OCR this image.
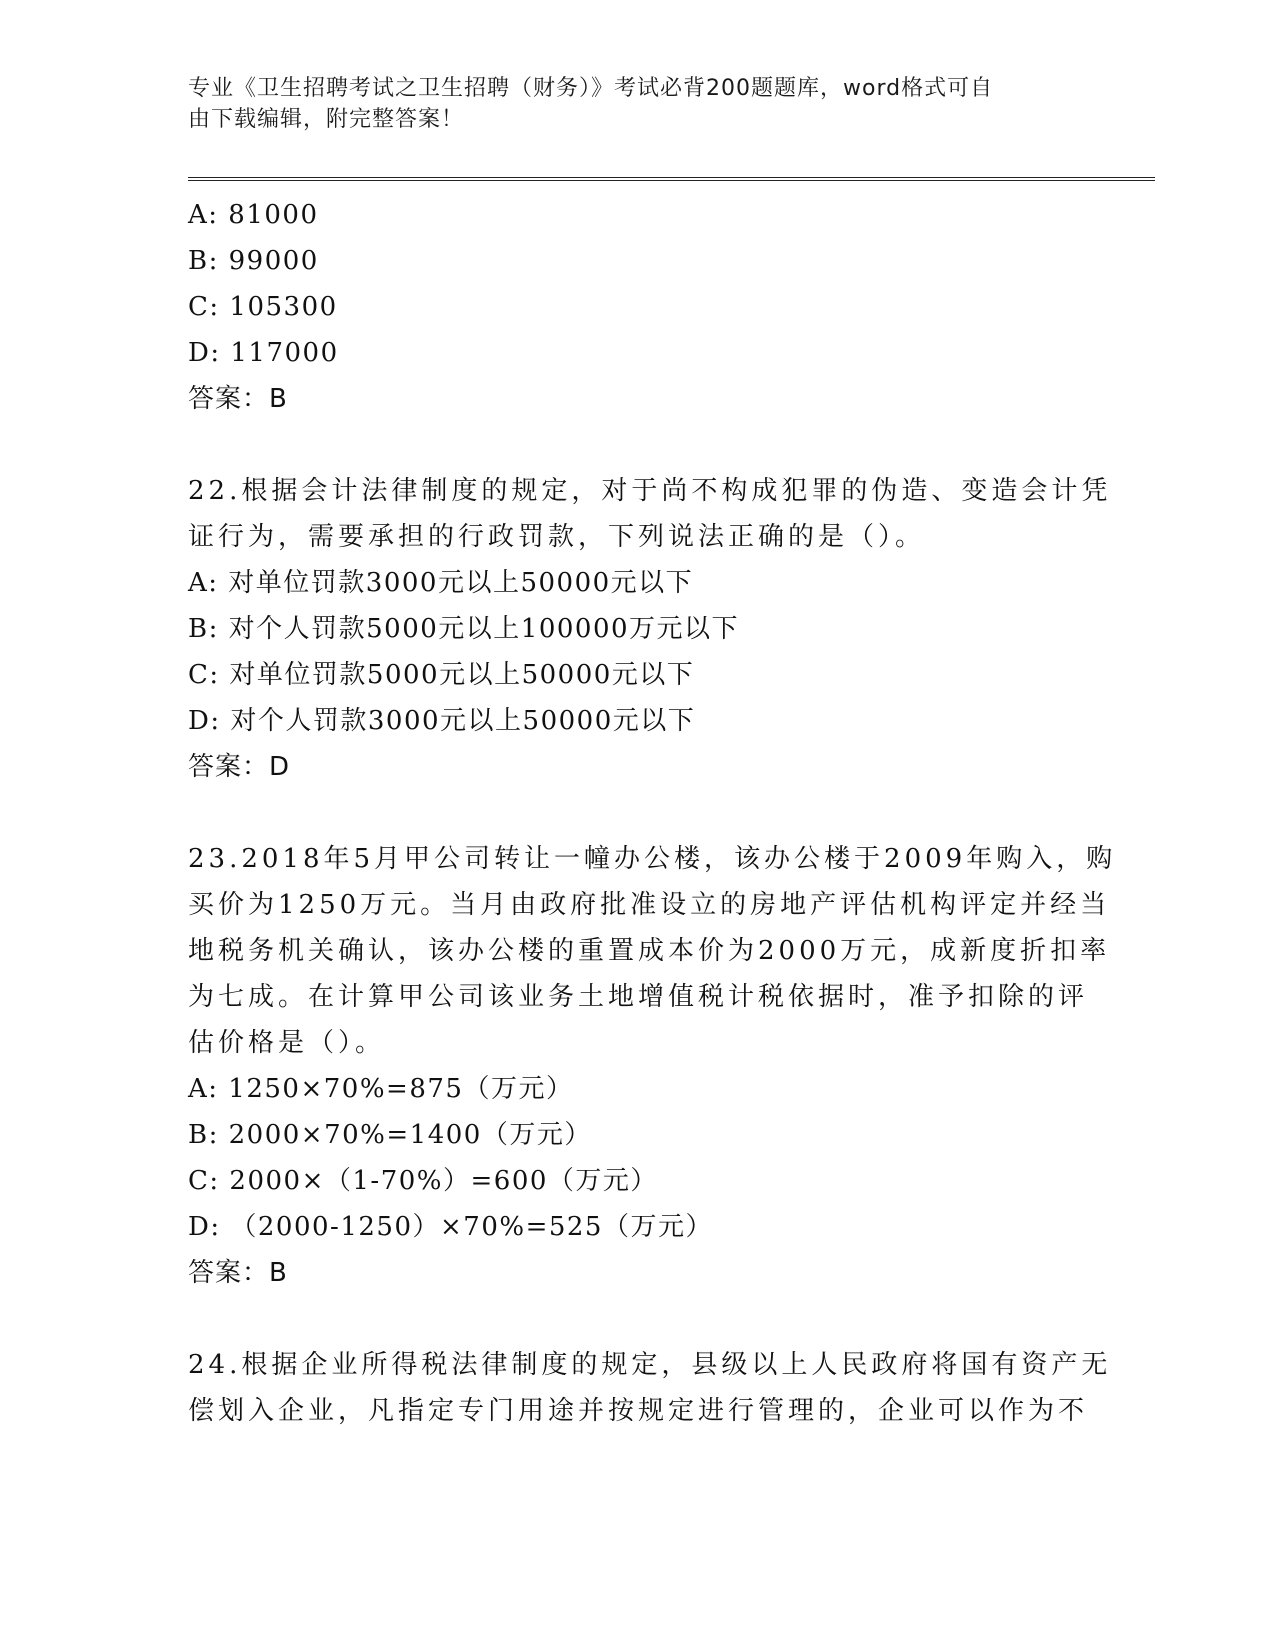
专业《卫生招聘考试之卫生招聘（财务）》考试必背200题题库，word格式可自
由下载编辑，附完整答案！
A: 81000
B: 99000
C: 105300
D: 117000
答案：B
22.根据会计法律制度的规定，对于尚不构成犯罪的伪造、变造会计凭
证行为，需要承担的行政罚款，下列说法正确的是（）。
A: 对单位罚款3000元以上50000元以下
B: 对个人罚款5000元以上100000万元以下
C: 对单位罚款5000元以上50000元以下
D: 对个人罚款3000元以上50000元以下
答案：D
23.2018年5月甲公司转让一幢办公楼，该办公楼于2009年购入，购
买价为1250万元。当月由政府批准设立的房地产评估机构评定并经当
地税务机关确认，该办公楼的重置成本价为2000万元，成新度折扣率
为七成。在计算甲公司该业务土地增值税计税依据时，准予扣除的评
估价格是（）。
A: 1250×70%=875（万元）
B: 2000×70%=1400（万元）
C: 2000×（1-70%）=600（万元）
D: （2000-1250）×70%=525（万元）
答案：B
24.根据企业所得税法律制度的规定，县级以上人民政府将国有资产无
偿划入企业，凡指定专门用途并按规定进行管理的，企业可以作为不
